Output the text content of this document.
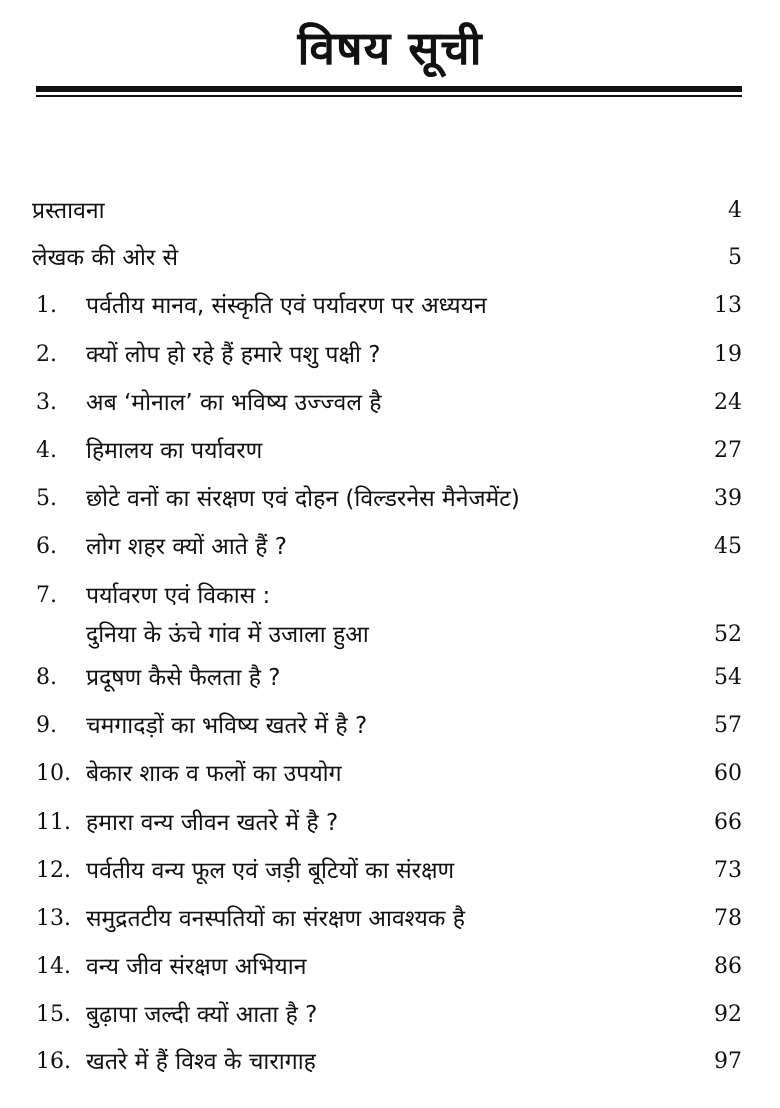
विषय सूची
प्रस्तावना	4
लेखक की ओर से	5
1. पर्वतीय मानव, संस्कृति एवं पर्यावरण पर अध्ययन	13
2. क्यों लोप हो रहे हैं हमारे पशु पक्षी ?	19
3. अब ‘मोनाल’ का भविष्य उज्ज्वल है	24
4. हिमालय का पर्यावरण	27
5. छोटे वनों का संरक्षण एवं दोहन (विल्डरनेस मैनेजमेंट)	39
6. लोग शहर क्यों आते हैं ?	45
7. पर्यावरण एवं विकास :
दुनिया के ऊंचे गांव में उजाला हुआ	52
8. प्रदूषण कैसे फैलता है ?	54
9. चमगादड़ों का भविष्य खतरे में है ?	57
10. बेकार शाक व फलों का उपयोग	60
11. हमारा वन्य जीवन खतरे में है ?	66
12. पर्वतीय वन्य फूल एवं जड़ी बूटियों का संरक्षण	73
13. समुद्रतटीय वनस्पतियों का संरक्षण आवश्यक है	78
14. वन्य जीव संरक्षण अभियान	86
15. बुढ़ापा जल्दी क्यों आता है ?	92
16. खतरे में हैं विश्व के चारागाह	97
